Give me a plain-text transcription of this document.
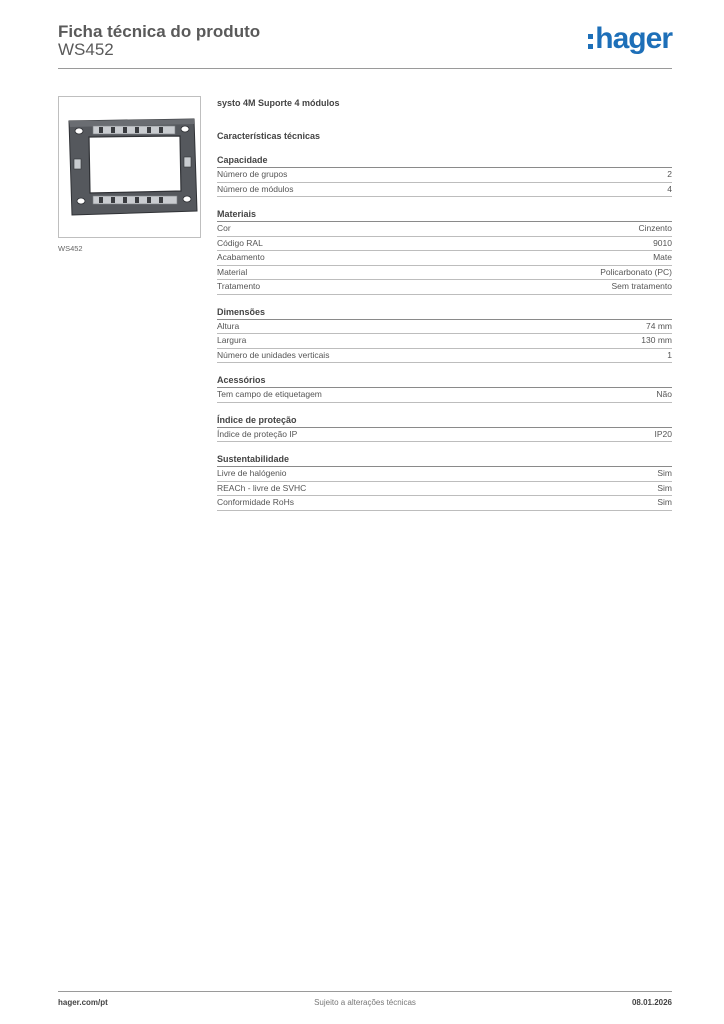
Ficha técnica do produto
WS452	hager
WS452
systo 4M Suporte 4 módulos
Características técnicas
Capacidade
Número de grupos	2
Número de módulos	4
Materiais
Cor	Cinzento
Código RAL	9010
Acabamento	Mate
Material	Policarbonato (PC)
Tratamento	Sem tratamento
Dimensões
Altura	74 mm
Largura	130 mm
Número de unidades verticais	1
Acessórios
Tem campo de etiquetagem	Não
Índice de proteção
Índice de proteção IP	IP20
Sustentabilidade
Livre de halógenio	Sim
REACh - livre de SVHC	Sim
Conformidade RoHs	Sim
Sujeito a alterações técnicas
hager.com/pt	08.01.2026
